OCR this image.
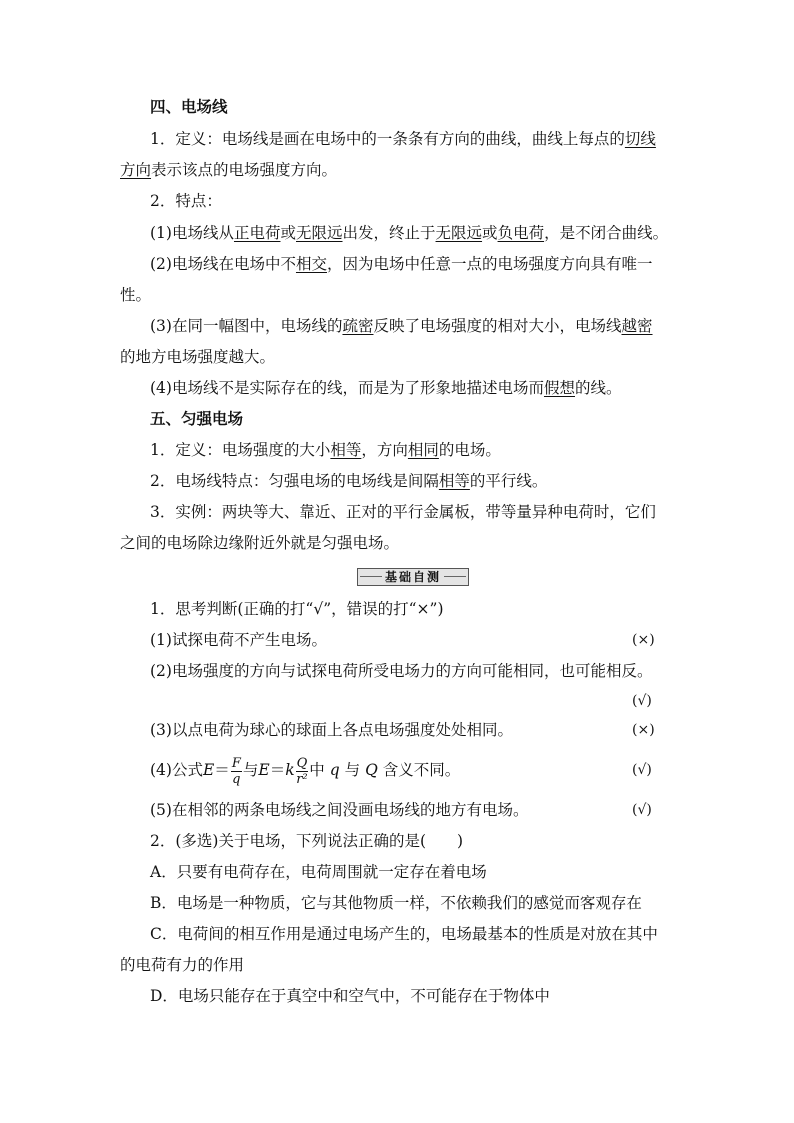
四、电场线
1．定义：电场线是画在电场中的一条条有方向的曲线，曲线上每点的切线
方向表示该点的电场强度方向。
2．特点：
(1)电场线从正电荷或无限远出发，终止于无限远或负电荷，是不闭合曲线。
(2)电场线在电场中不相交，因为电场中任意一点的电场强度方向具有唯一
性。
(3)在同一幅图中，电场线的疏密反映了电场强度的相对大小，电场线越密
的地方电场强度越大。
(4)电场线不是实际存在的线，而是为了形象地描述电场而假想的线。
五、匀强电场
1．定义：电场强度的大小相等，方向相同的电场。
2．电场线特点：匀强电场的电场线是间隔相等的平行线。
3．实例：两块等大、靠近、正对的平行金属板，带等量异种电荷时，它们
之间的电场除边缘附近外就是匀强电场。
基础自测
1．思考判断(正确的打“√”，错误的打“×”)
(1)试探电荷不产生电场。	(×)
(2)电场强度的方向与试探电荷所受电场力的方向可能相同，也可能相反。
(√)
(3)以点电荷为球心的球面上各点电场强度处处相同。	(×)
(4)公式$E= \frac{F}{q}$ 与$E=k \frac{Q}{\text{r²}}$ 中 q 与 Q 含义不同。	(√)
(5)在相邻的两条电场线之间没画电场线的地方有电场。	(√)
2．(多选)关于电场，下列说法正确的是(　　)
A．只要有电荷存在，电荷周围就一定存在着电场
B．电场是一种物质，它与其他物质一样，不依赖我们的感觉而客观存在
C．电荷间的相互作用是通过电场产生的，电场最基本的性质是对放在其中
的电荷有力的作用
D．电场只能存在于真空中和空气中，不可能存在于物体中
